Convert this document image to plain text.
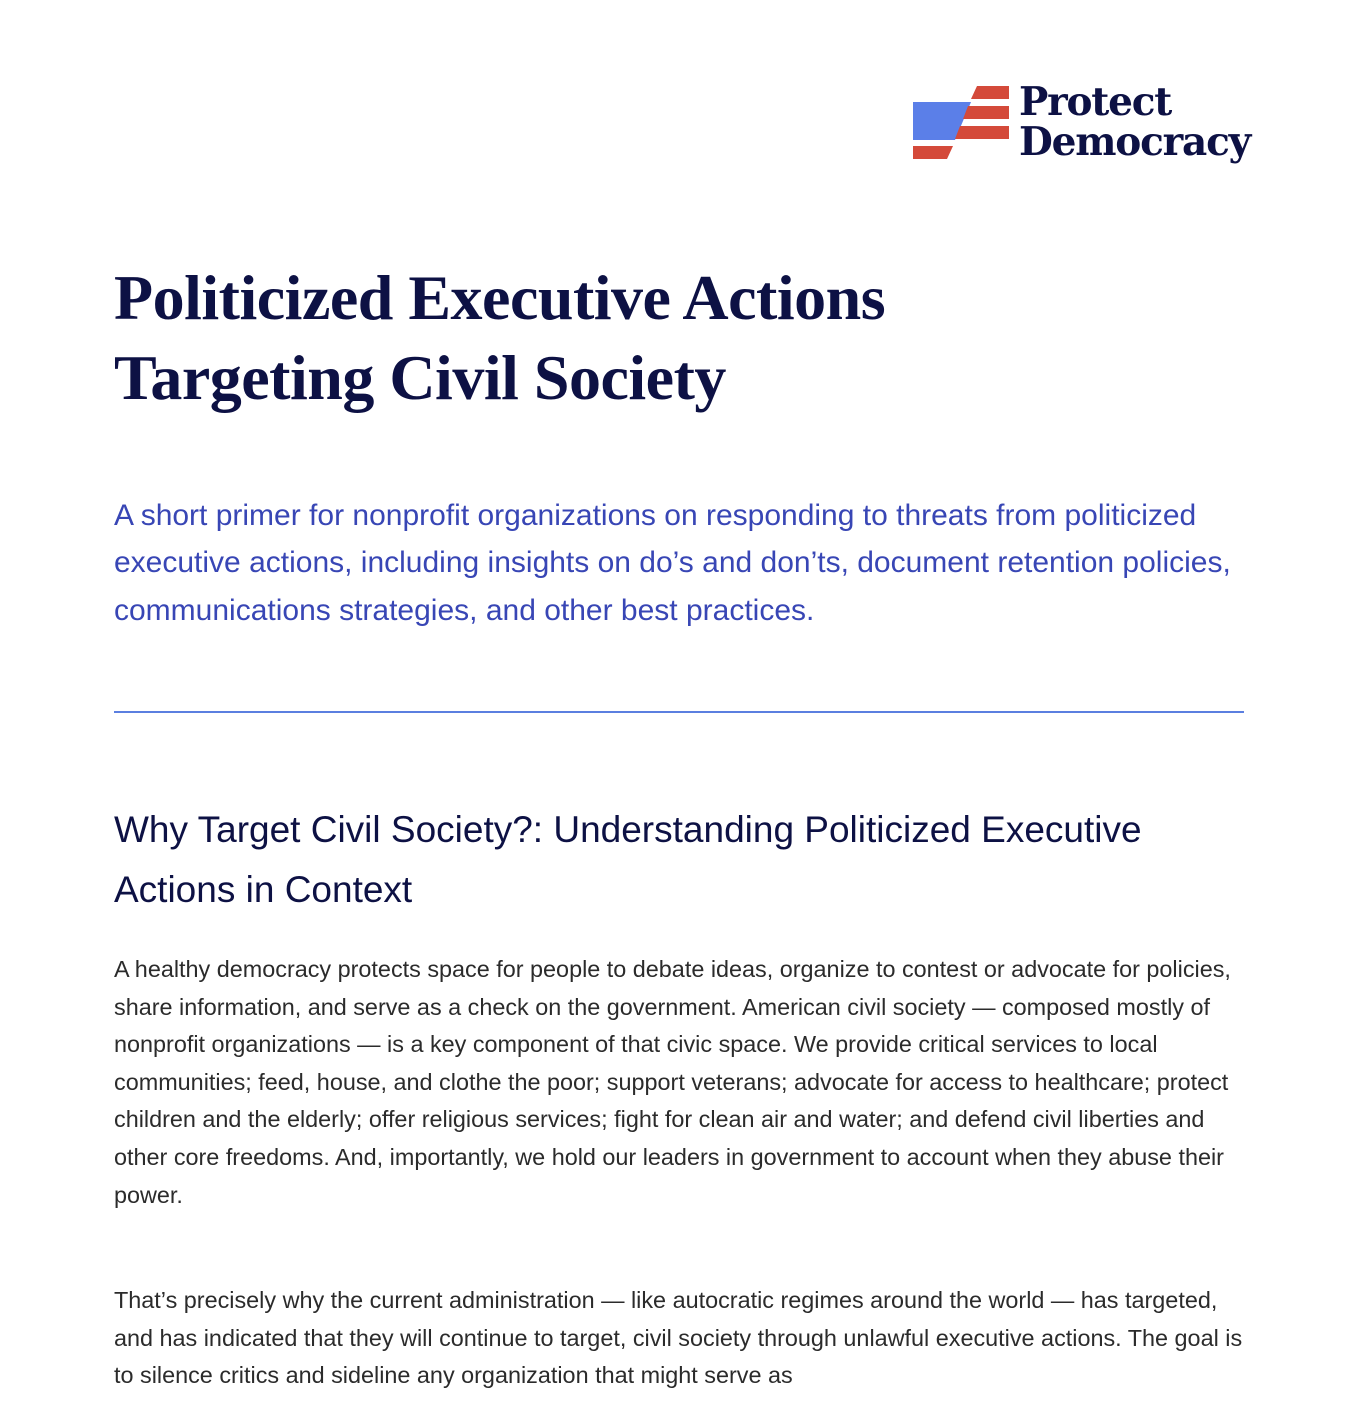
Protect
Democracy
Politicized Executive Actions
Targeting Civil Society

A short primer for nonprofit organizations on responding to threats from politicized executive actions, including insights on do’s and don’ts, document retention policies, communications strategies, and other best practices.

Why Target Civil Society?: Understanding Politicized Executive Actions in Context

A healthy democracy protects space for people to debate ideas, organize to contest or advocate for policies, share information, and serve as a check on the government. American civil society — composed mostly of nonprofit organizations — is a key component of that civic space. We provide critical services to local communities; feed, house, and clothe the poor; support veterans; advocate for access to healthcare; protect children and the elderly; offer religious services; fight for clean air and water; and defend civil liberties and other core freedoms. And, importantly, we hold our leaders in government to account when they abuse their power.

That’s precisely why the current administration — like autocratic regimes around the world — has targeted, and has indicated that they will continue to target, civil society through unlawful executive actions. The goal is to silence critics and sideline any organization that might serve as
